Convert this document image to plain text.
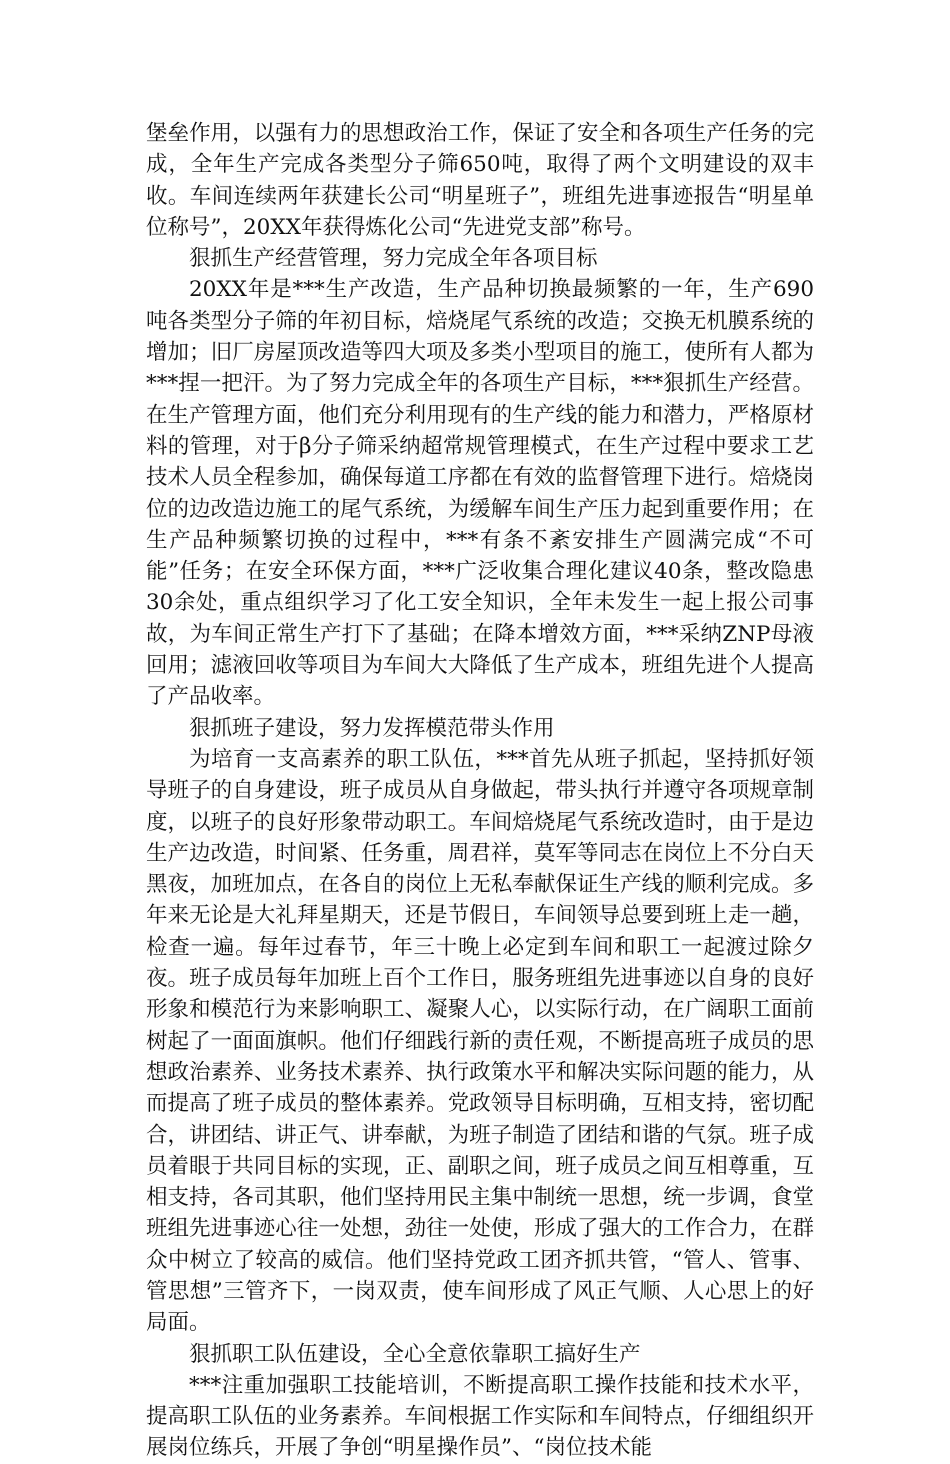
堡垒作用，以强有力的思想政治工作，保证了安全和各项生产任务的完成，全年生产完成各类型分子筛650吨，取得了两个文明建设的双丰收。车间连续两年获建长公司“明星班子”，班组先进事迹报告“明星单位称号”，20XX年获得炼化公司“先进党支部”称号。

狠抓生产经营管理，努力完成全年各项目标

20XX年是***生产改造，生产品种切换最频繁的一年，生产690吨各类型分子筛的年初目标，焙烧尾气系统的改造；交换无机膜系统的增加；旧厂房屋顶改造等四大项及多类小型项目的施工，使所有人都为***捏一把汗。为了努力完成全年的各项生产目标，***狠抓生产经营。在生产管理方面，他们充分利用现有的生产线的能力和潜力，严格原材料的管理，对于β分子筛采纳超常规管理模式，在生产过程中要求工艺技术人员全程参加，确保每道工序都在有效的监督管理下进行。焙烧岗位的边改造边施工的尾气系统，为缓解车间生产压力起到重要作用；在生产品种频繁切换的过程中，***有条不紊安排生产圆满完成“不可能”任务；在安全环保方面，***广泛收集合理化建议40条，整改隐患30余处，重点组织学习了化工安全知识，全年未发生一起上报公司事故，为车间正常生产打下了基础；在降本增效方面，***采纳ZNP母液回用；滤液回收等项目为车间大大降低了生产成本，班组先进个人提高了产品收率。

狠抓班子建设，努力发挥模范带头作用

为培育一支高素养的职工队伍，***首先从班子抓起，坚持抓好领导班子的自身建设，班子成员从自身做起，带头执行并遵守各项规章制度，以班子的良好形象带动职工。车间焙烧尾气系统改造时，由于是边生产边改造，时间紧、任务重，周君祥，莫军等同志在岗位上不分白天黑夜，加班加点，在各自的岗位上无私奉献保证生产线的顺利完成。多年来无论是大礼拜星期天，还是节假日，车间领导总要到班上走一趟，检查一遍。每年过春节，年三十晚上必定到车间和职工一起渡过除夕夜。班子成员每年加班上百个工作日，服务班组先进事迹以自身的良好形象和模范行为来影响职工、凝聚人心，以实际行动，在广阔职工面前树起了一面面旗帜。他们仔细践行新的责任观，不断提高班子成员的思想政治素养、业务技术素养、执行政策水平和解决实际问题的能力，从而提高了班子成员的整体素养。党政领导目标明确，互相支持，密切配合，讲团结、讲正气、讲奉献，为班子制造了团结和谐的气氛。班子成员着眼于共同目标的实现，正、副职之间，班子成员之间互相尊重，互相支持，各司其职，他们坚持用民主集中制统一思想，统一步调，食堂班组先进事迹心往一处想，劲往一处使，形成了强大的工作合力，在群众中树立了较高的威信。他们坚持党政工团齐抓共管，“管人、管事、管思想”三管齐下，一岗双责，使车间形成了风正气顺、人心思上的好局面。

狠抓职工队伍建设，全心全意依靠职工搞好生产

***注重加强职工技能培训，不断提高职工操作技能和技术水平，提高职工队伍的业务素养。车间根据工作实际和车间特点，仔细组织开展岗位练兵，开展了争创“明星操作员”、“岗位技术能
